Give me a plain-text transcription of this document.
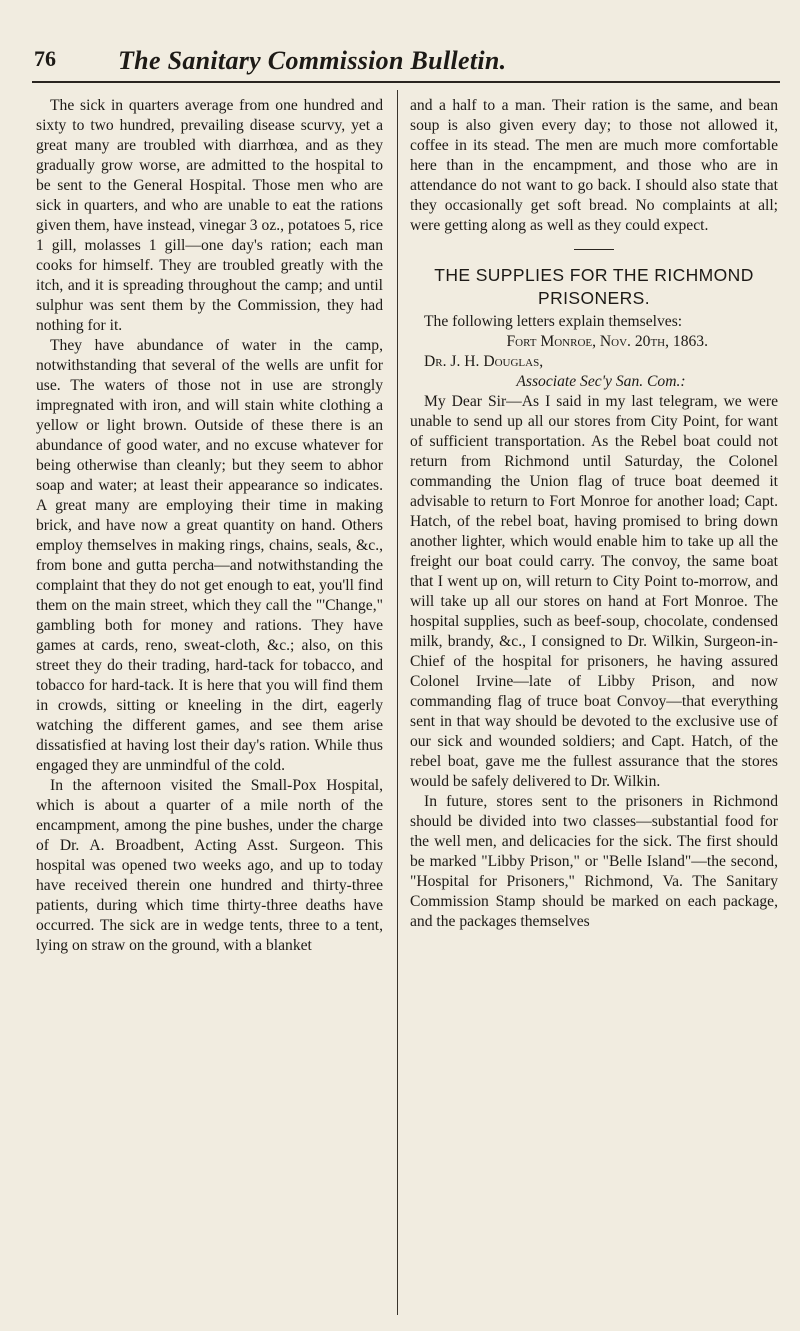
76 The Sanitary Commission Bulletin.

The sick in quarters average from one hundred and sixty to two hundred, prevailing disease scurvy, yet a great many are troubled with diarrhœa, and as they gradually grow worse, are admitted to the hospital to be sent to the General Hospital. Those men who are sick in quarters, and who are unable to eat the rations given them, have instead, vinegar 3 oz., potatoes 5, rice 1 gill, molasses 1 gill—one day's ration; each man cooks for himself. They are troubled greatly with the itch, and it is spreading throughout the camp; and until sulphur was sent them by the Commission, they had nothing for it.

They have abundance of water in the camp, notwithstanding that several of the wells are unfit for use. The waters of those not in use are strongly impregnated with iron, and will stain white clothing a yellow or light brown. Outside of these there is an abundance of good water, and no excuse whatever for being otherwise than cleanly; but they seem to abhor soap and water; at least their appearance so indicates. A great many are employing their time in making brick, and have now a great quantity on hand. Others employ themselves in making rings, chains, seals, &c., from bone and gutta percha—and notwithstanding the complaint that they do not get enough to eat, you'll find them on the main street, which they call the "'Change," gambling both for money and rations. They have games at cards, reno, sweat-cloth, &c.; also, on this street they do their trading, hard-tack for tobacco, and tobacco for hard-tack. It is here that you will find them in crowds, sitting or kneeling in the dirt, eagerly watching the different games, and see them arise dissatisfied at having lost their day's ration. While thus engaged they are unmindful of the cold.

In the afternoon visited the Small-Pox Hospital, which is about a quarter of a mile north of the encampment, among the pine bushes, under the charge of Dr. A. Broadbent, Acting Asst. Surgeon. This hospital was opened two weeks ago, and up to today have received therein one hundred and thirty-three patients, during which time thirty-three deaths have occurred. The sick are in wedge tents, three to a tent, lying on straw on the ground, with a blanket

and a half to a man. Their ration is the same, and bean soup is also given every day; to those not allowed it, coffee in its stead. The men are much more comfortable here than in the encampment, and those who are in attendance do not want to go back. I should also state that they occasionally get soft bread. No complaints at all; were getting along as well as they could expect.

THE SUPPLIES FOR THE RICHMOND PRISONERS.

The following letters explain themselves:

Fort Monroe, Nov. 20th, 1863.

Dr. J. H. Douglas,

Associate Sec'y San. Com.:

My Dear Sir—As I said in my last telegram, we were unable to send up all our stores from City Point, for want of sufficient transportation. As the Rebel boat could not return from Richmond until Saturday, the Colonel commanding the Union flag of truce boat deemed it advisable to return to Fort Monroe for another load; Capt. Hatch, of the rebel boat, having promised to bring down another lighter, which would enable him to take up all the freight our boat could carry. The convoy, the same boat that I went up on, will return to City Point to-morrow, and will take up all our stores on hand at Fort Monroe. The hospital supplies, such as beef-soup, chocolate, condensed milk, brandy, &c., I consigned to Dr. Wilkin, Surgeon-in-Chief of the hospital for prisoners, he having assured Colonel Irvine—late of Libby Prison, and now commanding flag of truce boat Convoy—that everything sent in that way should be devoted to the exclusive use of our sick and wounded soldiers; and Capt. Hatch, of the rebel boat, gave me the fullest assurance that the stores would be safely delivered to Dr. Wilkin.

In future, stores sent to the prisoners in Richmond should be divided into two classes—substantial food for the well men, and delicacies for the sick. The first should be marked "Libby Prison," or "Belle Island"—the second, "Hospital for Prisoners," Richmond, Va. The Sanitary Commission Stamp should be marked on each package, and the packages themselves
